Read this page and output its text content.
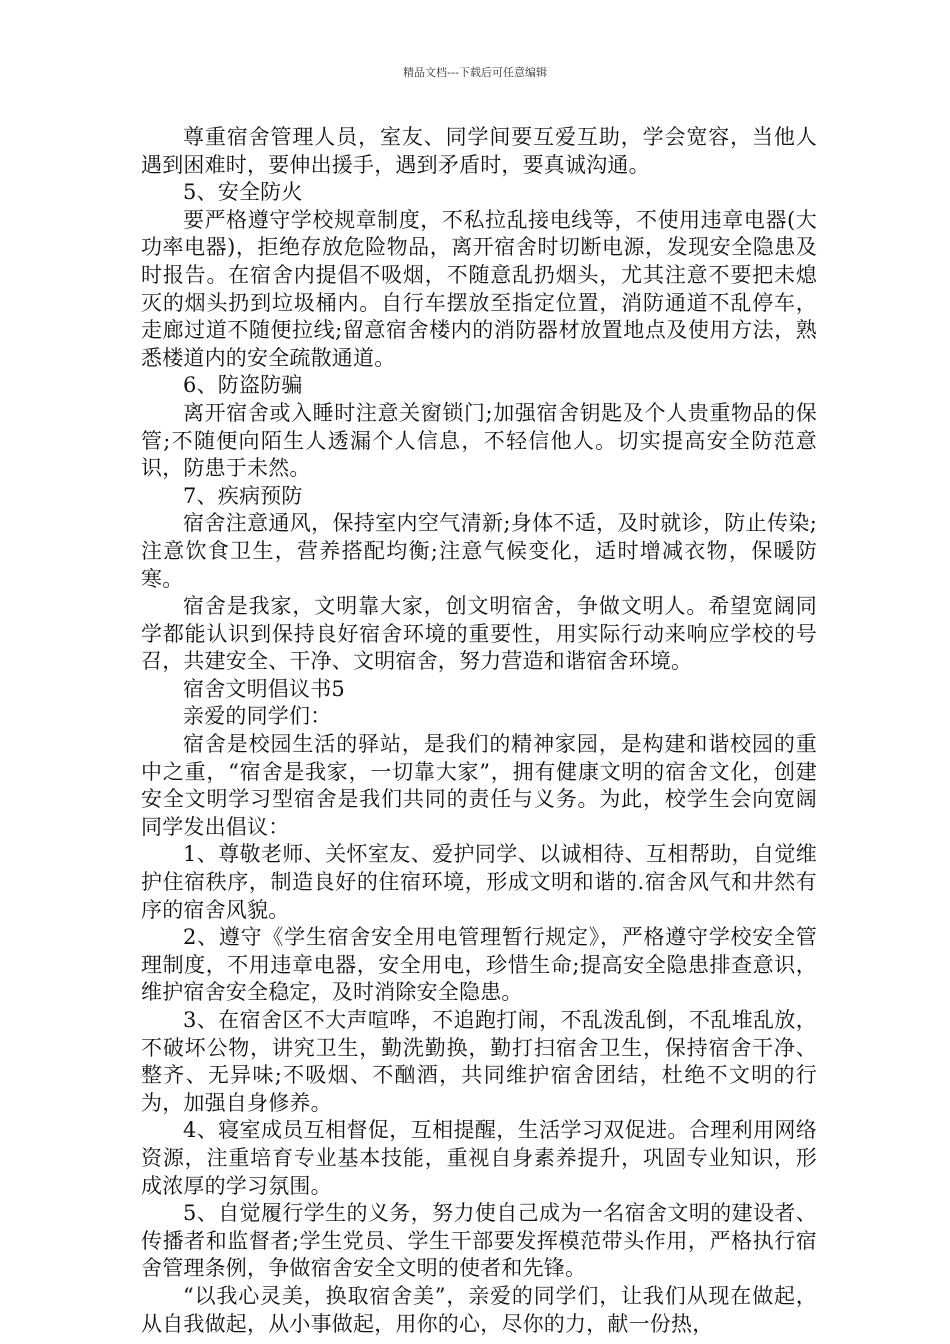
精品文档---下载后可任意编辑

尊重宿舍管理人员，室友、同学间要互爱互助，学会宽容，当他人遇到困难时，要伸出援手，遇到矛盾时，要真诚沟通。

5、安全防火

要严格遵守学校规章制度，不私拉乱接电线等，不使用违章电器(大功率电器)，拒绝存放危险物品，离开宿舍时切断电源，发现安全隐患及时报告。在宿舍内提倡不吸烟，不随意乱扔烟头，尤其注意不要把未熄灭的烟头扔到垃圾桶内。自行车摆放至指定位置，消防通道不乱停车，走廊过道不随便拉线;留意宿舍楼内的消防器材放置地点及使用方法，熟悉楼道内的安全疏散通道。

6、防盗防骗

离开宿舍或入睡时注意关窗锁门;加强宿舍钥匙及个人贵重物品的保管;不随便向陌生人透漏个人信息，不轻信他人。切实提高安全防范意识，防患于未然。

7、疾病预防

宿舍注意通风，保持室内空气清新;身体不适，及时就诊，防止传染;注意饮食卫生，营养搭配均衡;注意气候变化，适时增减衣物，保暖防寒。

宿舍是我家，文明靠大家，创文明宿舍，争做文明人。希望宽阔同学都能认识到保持良好宿舍环境的重要性，用实际行动来响应学校的号召，共建安全、干净、文明宿舍，努力营造和谐宿舍环境。

宿舍文明倡议书5

亲爱的同学们：

宿舍是校园生活的驿站，是我们的精神家园，是构建和谐校园的重中之重，“宿舍是我家，一切靠大家”，拥有健康文明的宿舍文化，创建安全文明学习型宿舍是我们共同的责任与义务。为此，校学生会向宽阔同学发出倡议：

1、尊敬老师、关怀室友、爱护同学、以诚相待、互相帮助，自觉维护住宿秩序，制造良好的住宿环境，形成文明和谐的.宿舍风气和井然有序的宿舍风貌。

2、遵守《学生宿舍安全用电管理暂行规定》，严格遵守学校安全管理制度，不用违章电器，安全用电，珍惜生命;提高安全隐患排查意识，维护宿舍安全稳定，及时消除安全隐患。

3、在宿舍区不大声喧哗，不追跑打闹，不乱泼乱倒，不乱堆乱放，不破坏公物，讲究卫生，勤洗勤换，勤打扫宿舍卫生，保持宿舍干净、整齐、无异味;不吸烟、不酗酒，共同维护宿舍团结，杜绝不文明的行为，加强自身修养。

4、寝室成员互相督促，互相提醒，生活学习双促进。合理利用网络资源，注重培育专业基本技能，重视自身素养提升，巩固专业知识，形成浓厚的学习氛围。

5、自觉履行学生的义务，努力使自己成为一名宿舍文明的建设者、传播者和监督者;学生党员、学生干部要发挥模范带头作用，严格执行宿舍管理条例，争做宿舍安全文明的使者和先锋。

“以我心灵美，换取宿舍美”，亲爱的同学们，让我们从现在做起，从自我做起，从小事做起，用你的心，尽你的力，献一份热，
